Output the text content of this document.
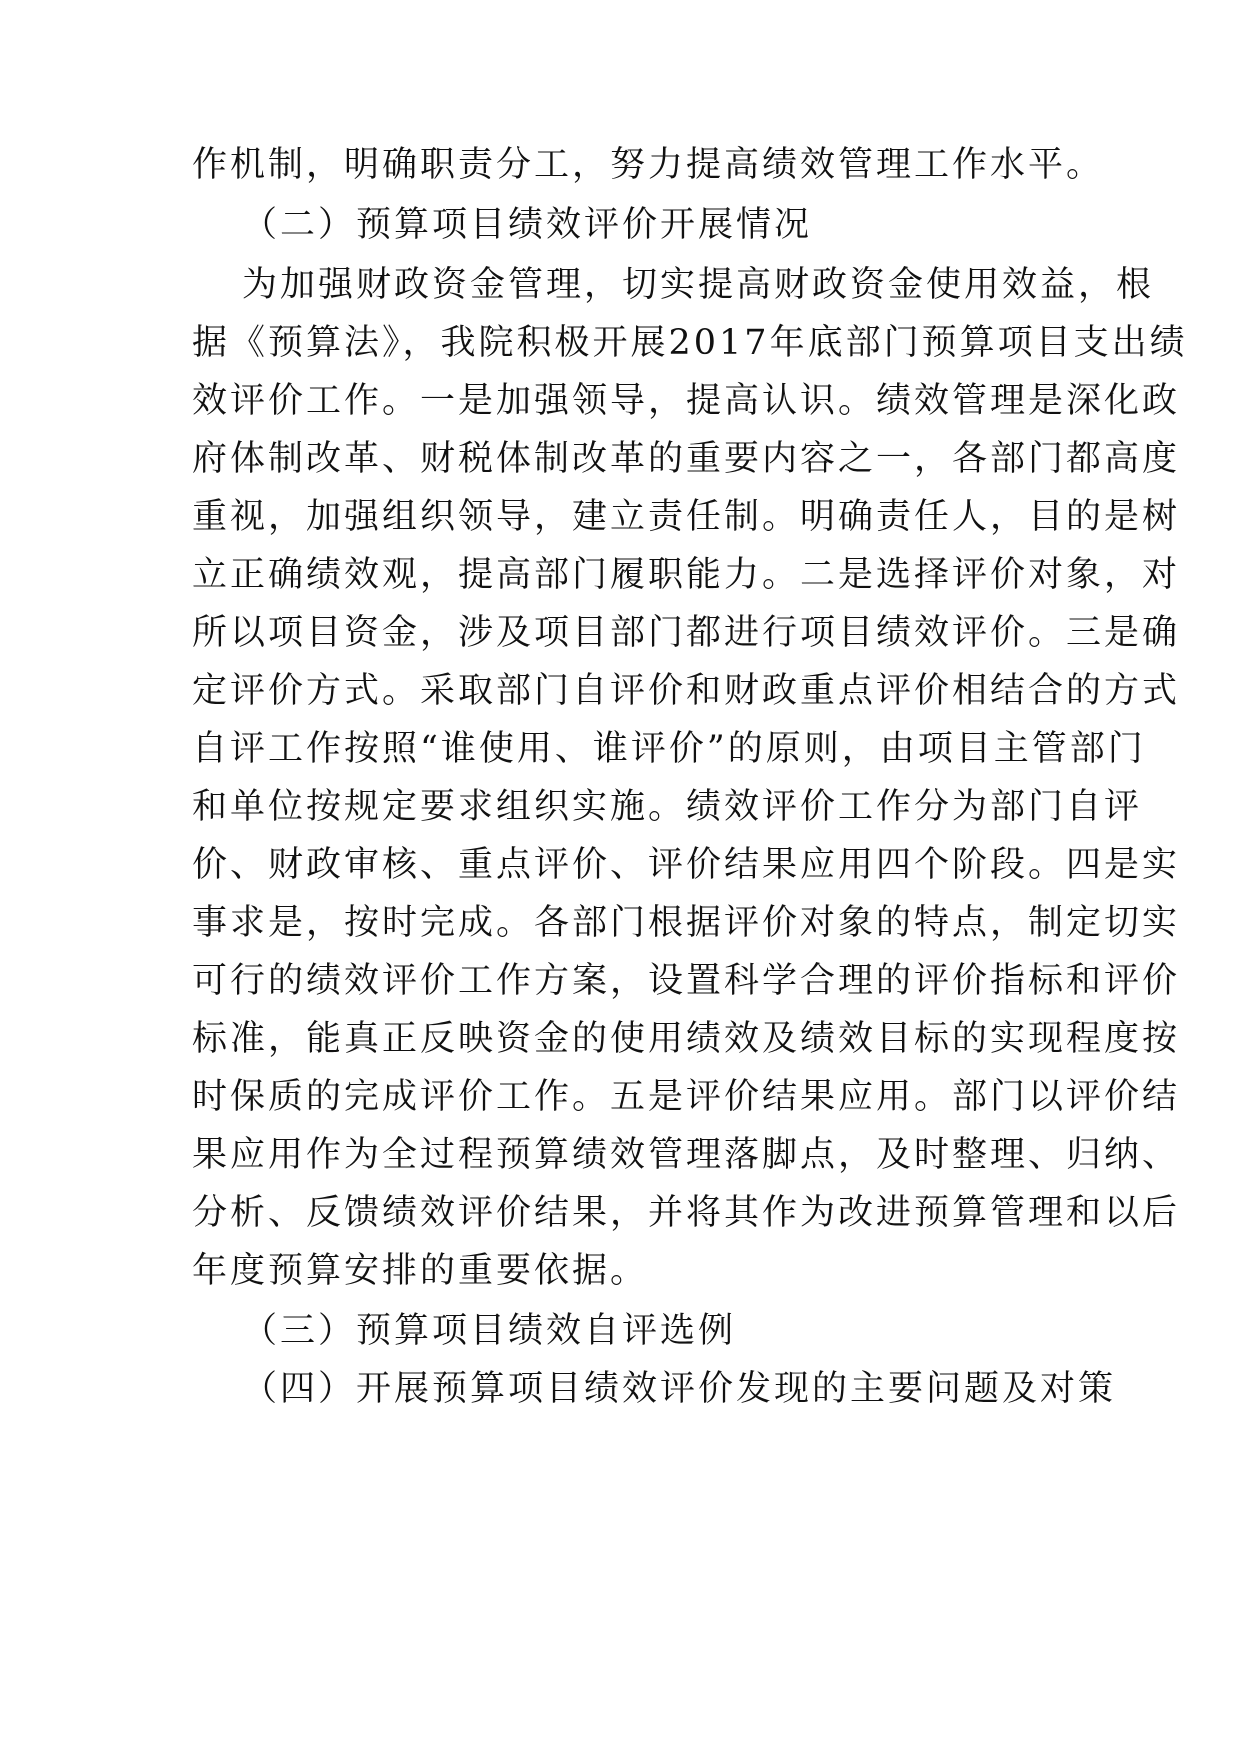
作机制，明确职责分工，努力提高绩效管理工作水平。
（二）预算项目绩效评价开展情况
为加强财政资金管理，切实提高财政资金使用效益，根
据《预算法》，我院积极开展2017年底部门预算项目支出绩
效评价工作。一是加强领导，提高认识。绩效管理是深化政
府体制改革、财税体制改革的重要内容之一，各部门都高度
重视，加强组织领导，建立责任制。明确责任人，目的是树
立正确绩效观，提高部门履职能力。二是选择评价对象，对
所以项目资金，涉及项目部门都进行项目绩效评价。三是确
定评价方式。采取部门自评价和财政重点评价相结合的方式
自评工作按照“谁使用、谁评价”的原则，由项目主管部门
和单位按规定要求组织实施。绩效评价工作分为部门自评
价、财政审核、重点评价、评价结果应用四个阶段。四是实
事求是，按时完成。各部门根据评价对象的特点，制定切实
可行的绩效评价工作方案，设置科学合理的评价指标和评价
标准，能真正反映资金的使用绩效及绩效目标的实现程度按
时保质的完成评价工作。五是评价结果应用。部门以评价结
果应用作为全过程预算绩效管理落脚点，及时整理、归纳、
分析、反馈绩效评价结果，并将其作为改进预算管理和以后
年度预算安排的重要依据。
（三）预算项目绩效自评选例
（四）开展预算项目绩效评价发现的主要问题及对策
